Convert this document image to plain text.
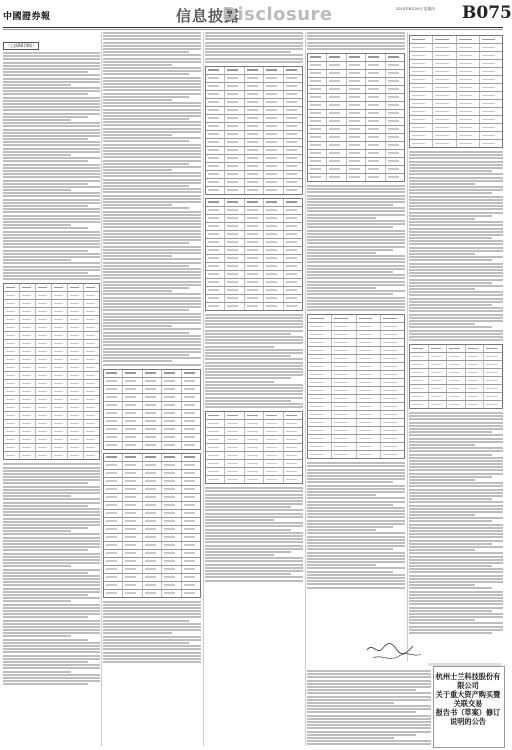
中國證券報	信息披露
Disclosure	2015年8月20日 星期四 B075
（上接B074版）
杭州士兰科技股份有限公司
关于重大资产购买暨关联交易
报告书（草案）修订说明的公告
